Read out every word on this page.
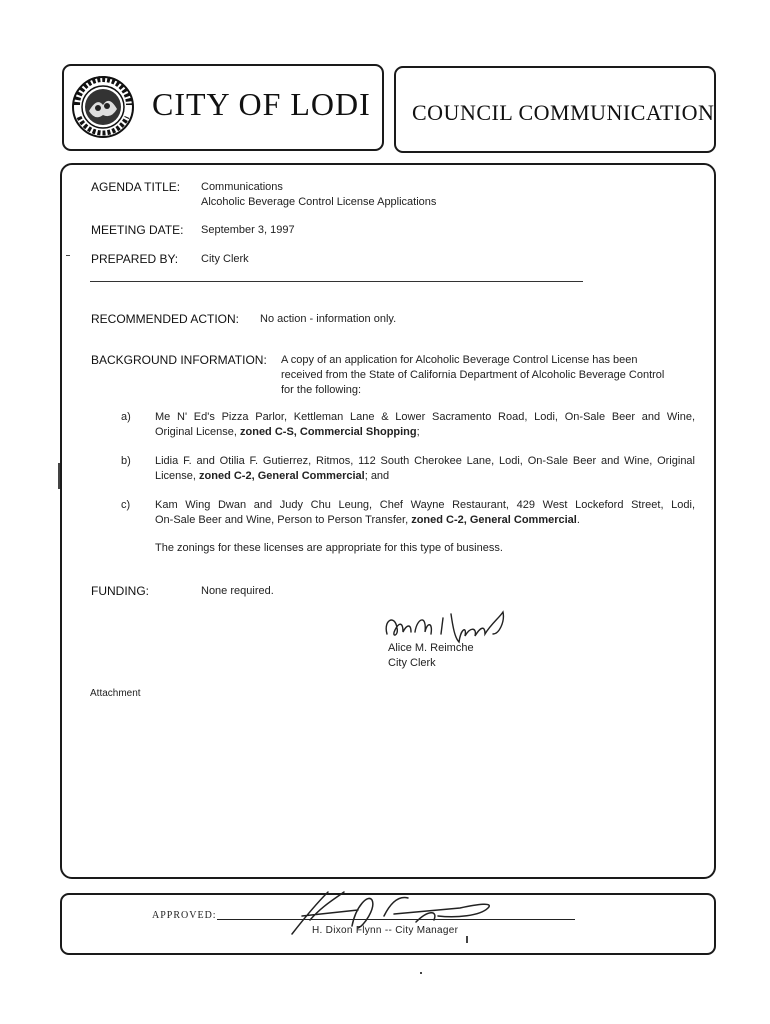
CITY OF LODI COUNCIL COMMUNICATION
AGENDA TITLE: Communications
Alcoholic Beverage Control License Applications
MEETING DATE: September 3, 1997
PREPARED BY: City Clerk
RECOMMENDED ACTION: No action - information only.
BACKGROUND INFORMATION: A copy of an application for Alcoholic Beverage Control License has been
received from the State of California Department of Alcoholic Beverage Control
for the following:
a) Me N' Ed's Pizza Parlor, Kettleman Lane & Lower Sacramento Road, Lodi, On-Sale Beer and Wine,
Original License, zoned C-S, Commercial Shopping;
b) Lidia F. and Otilia F. Gutierrez, Ritmos, 112 South Cherokee Lane, Lodi, On-Sale Beer and Wine, Original
License, zoned C-2, General Commercial; and
c) Kam Wing Dwan and Judy Chu Leung, Chef Wayne Restaurant, 429 West Lockeford Street, Lodi,
On-Sale Beer and Wine, Person to Person Transfer, zoned C-2, General Commercial.
The zonings for these licenses are appropriate for this type of business.
FUNDING:	None required.
Alice M. Reimche
City Clerk
Attachment
APPROVED:
H. Dixon Flynn -- City Manager
